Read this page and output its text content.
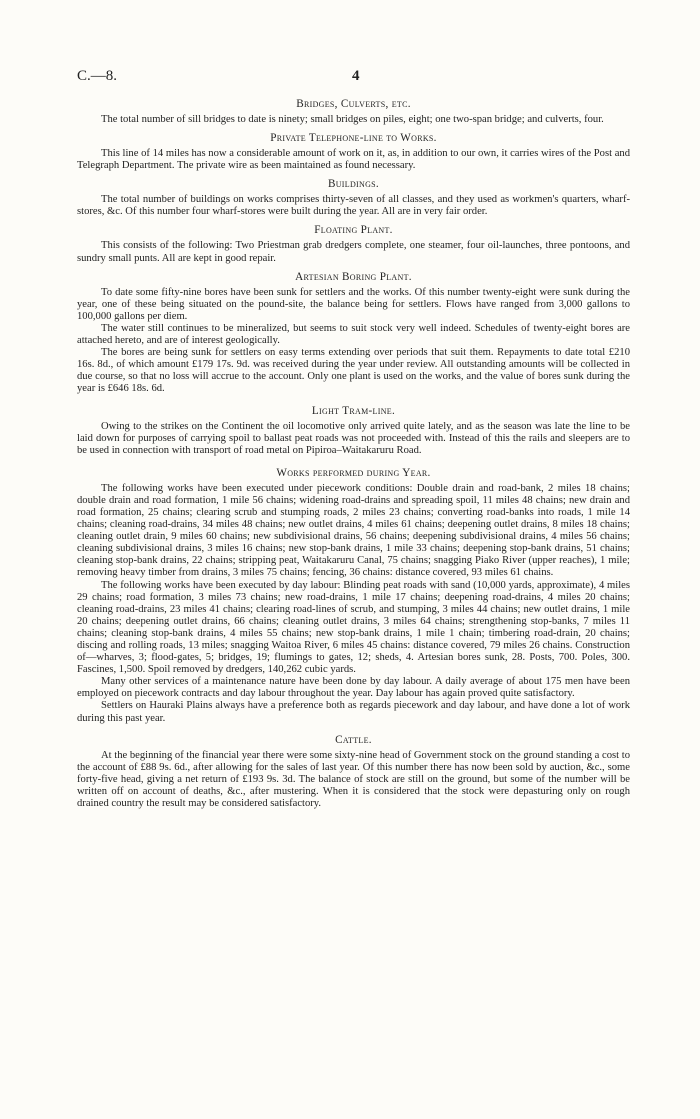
C.—8.	4
Bridges, Culverts, etc.

The total number of sill bridges to date is ninety; small bridges on piles, eight; one two-span bridge; and culverts, four.

Private Telephone-line to Works.

This line of 14 miles has now a considerable amount of work on it, as, in addition to our own, it carries wires of the Post and Telegraph Department. The private wire as been maintained as found necessary.

Buildings.

The total number of buildings on works comprises thirty-seven of all classes, and they used as workmen's quarters, wharf-stores, &c. Of this number four wharf-stores were built during the year. All are in very fair order.

Floating Plant.

This consists of the following: Two Priestman grab dredgers complete, one steamer, four oil-launches, three pontoons, and sundry small punts. All are kept in good repair.

Artesian Boring Plant.

To date some fifty-nine bores have been sunk for settlers and the works. Of this number twenty-eight were sunk during the year, one of these being situated on the pound-site, the balance being for settlers. Flows have ranged from 3,000 gallons to 100,000 gallons per diem.

The water still continues to be mineralized, but seems to suit stock very well indeed. Schedules of twenty-eight bores are attached hereto, and are of interest geologically.

The bores are being sunk for settlers on easy terms extending over periods that suit them. Repayments to date total £210 16s. 8d., of which amount £179 17s. 9d. was received during the year under review. All outstanding amounts will be collected in due course, so that no loss will accrue to the account. Only one plant is used on the works, and the value of bores sunk during the year is £646 18s. 6d.

Light Tram-line.

Owing to the strikes on the Continent the oil locomotive only arrived quite lately, and as the season was late the line to be laid down for purposes of carrying spoil to ballast peat roads was not proceeded with. Instead of this the rails and sleepers are to be used in connection with transport of road metal on Pipiroa–Waitakaruru Road.

Works performed during Year.

The following works have been executed under piecework conditions: Double drain and road-bank, 2 miles 18 chains; double drain and road formation, 1 mile 56 chains; widening road-drains and spreading spoil, 11 miles 48 chains; new drain and road formation, 25 chains; clearing scrub and stumping roads, 2 miles 23 chains; converting road-banks into roads, 1 mile 14 chains; cleaning road-drains, 34 miles 48 chains; new outlet drains, 4 miles 61 chains; deepening outlet drains, 8 miles 18 chains; cleaning outlet drain, 9 miles 60 chains; new subdivisional drains, 56 chains; deepening subdivisional drains, 4 miles 56 chains; cleaning subdivisional drains, 3 miles 16 chains; new stop-bank drains, 1 mile 33 chains; deepening stop-bank drains, 51 chains; cleaning stop-bank drains, 22 chains; stripping peat, Waitakaruru Canal, 75 chains; snagging Piako River (upper reaches), 1 mile; removing heavy timber from drains, 3 miles 75 chains; fencing, 36 chains: distance covered, 93 miles 61 chains.

The following works have been executed by day labour: Blinding peat roads with sand (10,000 yards, approximate), 4 miles 29 chains; road formation, 3 miles 73 chains; new road-drains, 1 mile 17 chains; deepening road-drains, 4 miles 20 chains; cleaning road-drains, 23 miles 41 chains; clearing road-lines of scrub, and stumping, 3 miles 44 chains; new outlet drains, 1 mile 20 chains; deepening outlet drains, 66 chains; cleaning outlet drains, 3 miles 64 chains; strengthening stop-banks, 7 miles 11 chains; cleaning stop-bank drains, 4 miles 55 chains; new stop-bank drains, 1 mile 1 chain; timbering road-drain, 20 chains; discing and rolling roads, 13 miles; snagging Waitoa River, 6 miles 45 chains: distance covered, 79 miles 26 chains. Construction of—wharves, 3; flood-gates, 5; bridges, 19; flumings to gates, 12; sheds, 4. Artesian bores sunk, 28. Posts, 700. Poles, 300. Fascines, 1,500. Spoil removed by dredgers, 140,262 cubic yards.

Many other services of a maintenance nature have been done by day labour. A daily average of about 175 men have been employed on piecework contracts and day labour throughout the year. Day labour has again proved quite satisfactory.

Settlers on Hauraki Plains always have a preference both as regards piecework and day labour, and have done a lot of work during this past year.

Cattle.

At the beginning of the financial year there were some sixty-nine head of Government stock on the ground standing a cost to the account of £88 9s. 6d., after allowing for the sales of last year. Of this number there has now been sold by auction, &c., some forty-five head, giving a net return of £193 9s. 3d. The balance of stock are still on the ground, but some of the number will be written off on account of deaths, &c., after mustering. When it is considered that the stock were depasturing only on rough drained country the result may be considered satisfactory.
